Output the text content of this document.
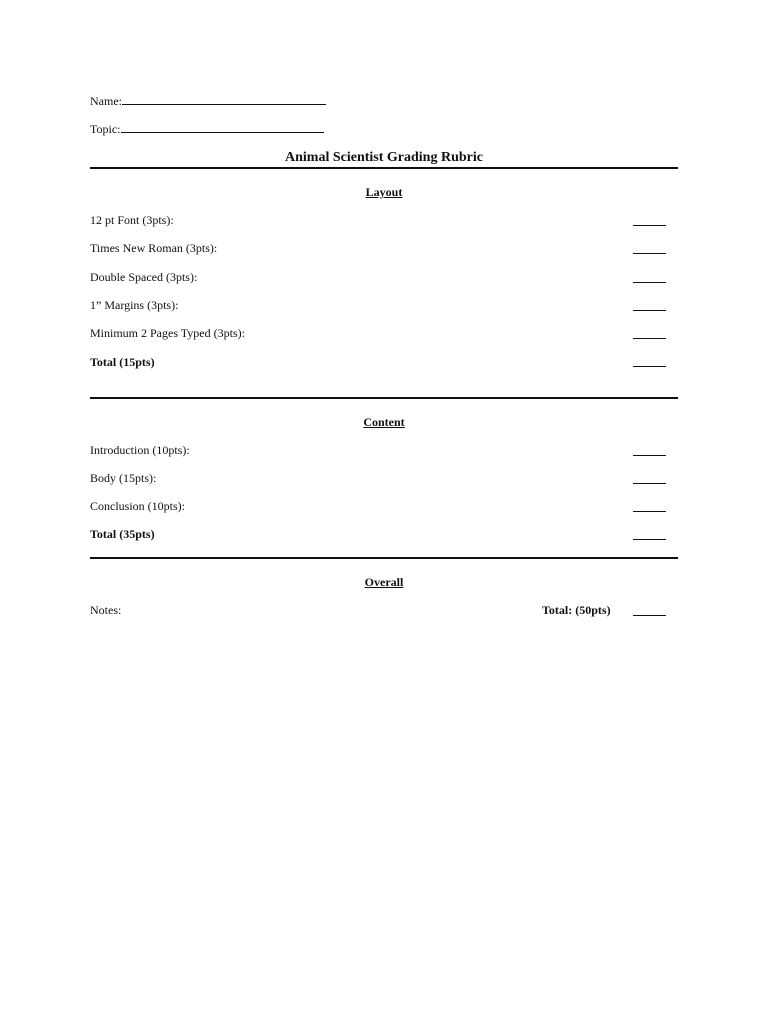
Name:
Topic:
Animal Scientist Grading Rubric
Layout
12 pt Font (3pts):
Times New Roman (3pts):
Double Spaced (3pts):
1” Margins (3pts):
Minimum 2 Pages Typed (3pts):
Total (15pts)
Content
Introduction (10pts):
Body (15pts):
Conclusion (10pts):
Total (35pts)
Overall
Notes:	Total: (50pts)
